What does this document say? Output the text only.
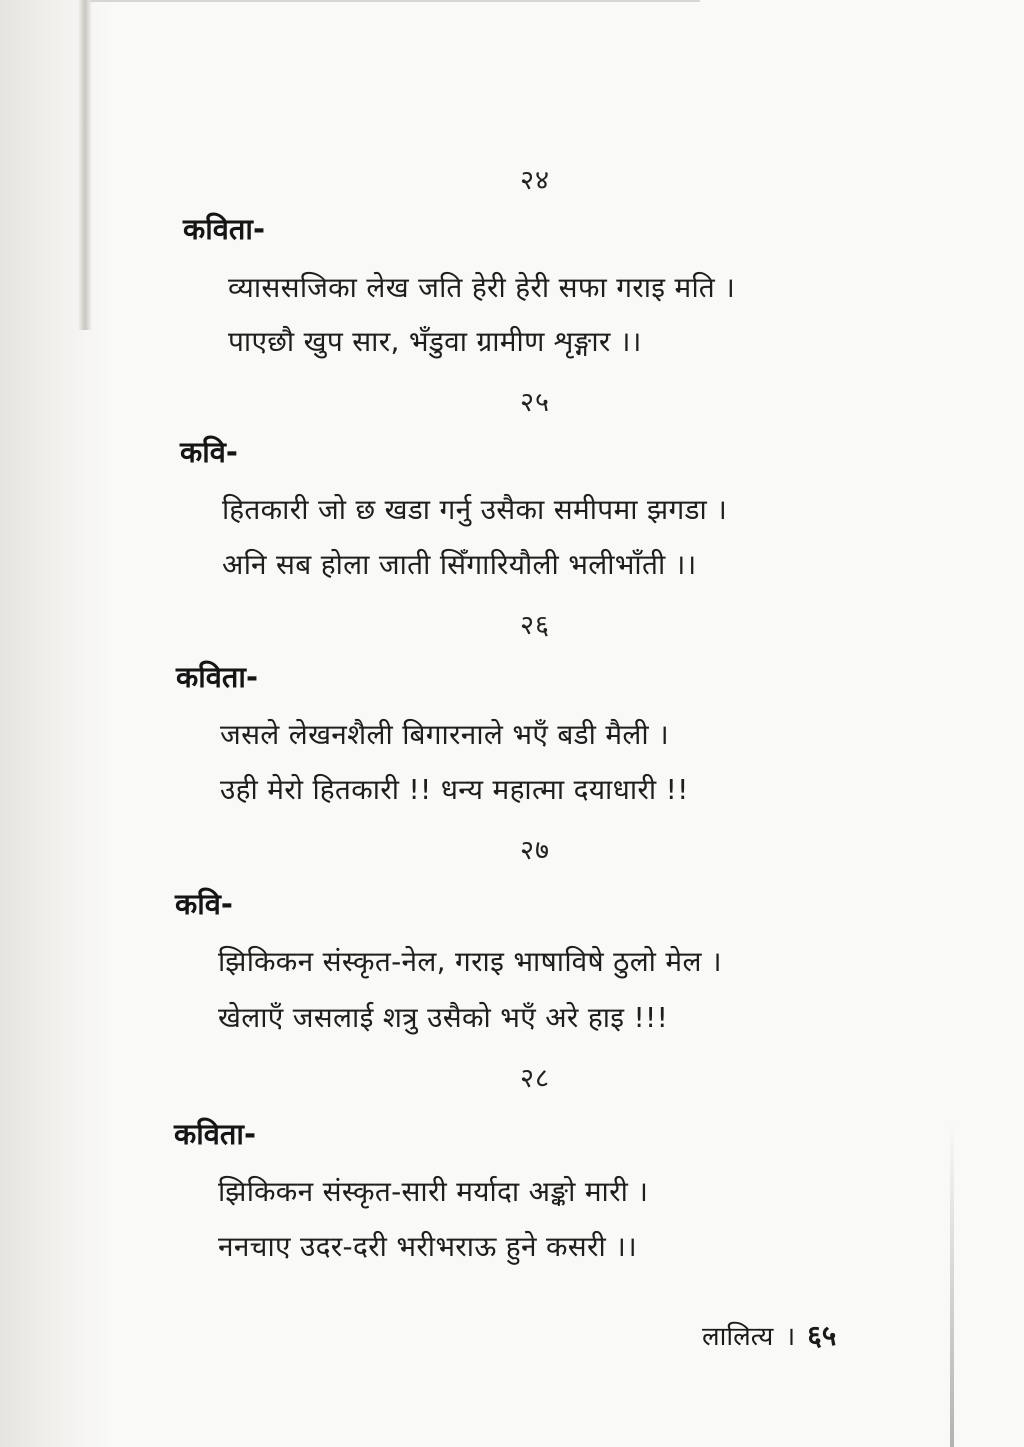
२४
कविता-
व्याससजिका लेख जति हेरी हेरी सफा गराइ मति ।
पाएछौ खुप सार, भँडुवा ग्रामीण शृङ्गार ।।
२५
कवि-
हितकारी जो छ खडा गर्नु उसैका समीपमा झगडा ।
अनि सब होला जाती सिँगारियौली भलीभाँती ।।
२६
कविता-
जसले लेखनशैली बिगारनाले भएँ बडी मैली ।
उही मेरो हितकारी !! धन्य महात्मा दयाधारी !!
२७
कवि-
झिकिकन संस्कृत-नेल, गराइ भाषाविषे ठुलो मेल ।
खेलाएँ जसलाई शत्रु उसैको भएँ अरे हाइ !!!
२८
कविता-
झिकिकन संस्कृत-सारी मर्यादा अङ्को मारी ।
ननचाए उदर-दरी भरीभराऊ हुने कसरी ।।
लालित्य । ६५
